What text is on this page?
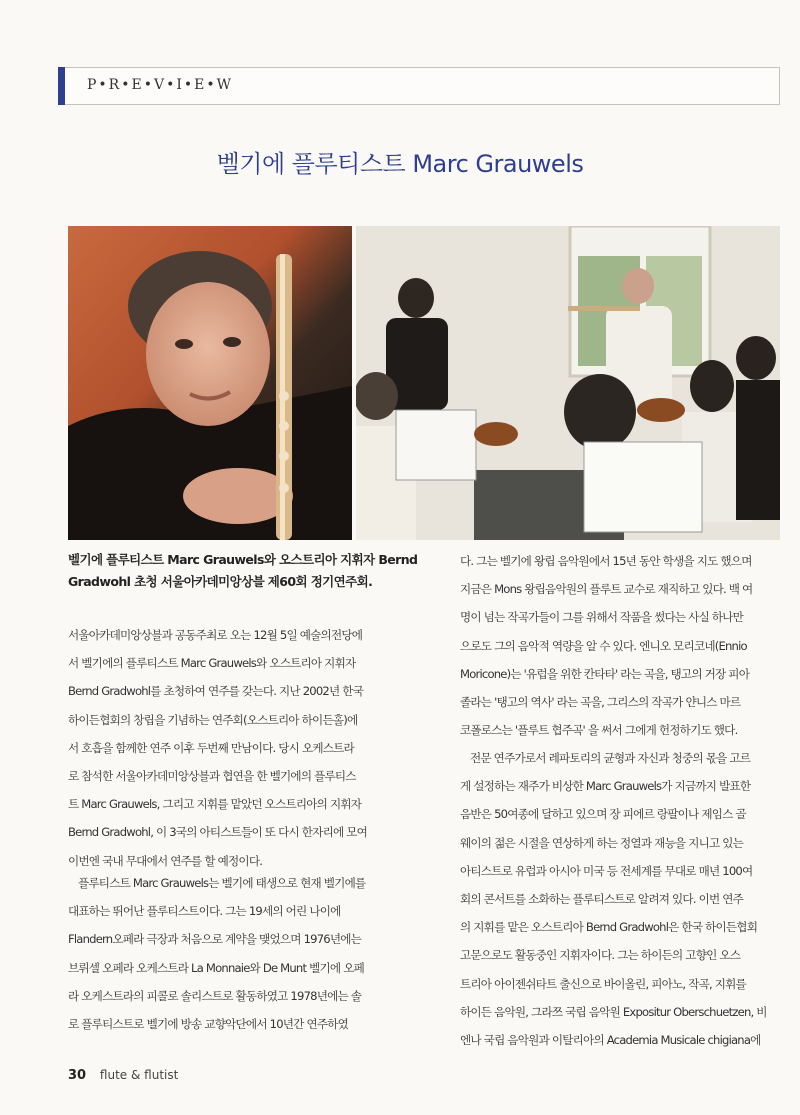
P•R•E•V•I•E•W
벨기에 플루티스트 Marc Grauwels
벨기에 플루티스트 Marc Grauwels와 오스트리아 지휘자 Bernd
Gradwohl 초청 서울아카데미앙상블 제60회 정기연주회.
서울아카데미앙상블과 공동주최로 오는 12월 5일 예술의전당에
서 벨기에의 플루티스트 Marc Grauwels와 오스트리아 지휘자
Bernd Gradwohl를 초청하여 연주를 갖는다. 지난 2002년 한국
하이든협회의 창립을 기념하는 연주회(오스트리아 하이든홀)에
서 호흡을 함께한 연주 이후 두번째 만남이다. 당시 오케스트라
로 참석한 서울아카데미앙상블과 협연을 한 벨기에의 플루티스
트 Marc Grauwels, 그리고 지휘를 맡았던 오스트리아의 지휘자
Bernd Gradwohl, 이 3국의 아티스트들이 또 다시 한자리에 모여
이번엔 국내 무대에서 연주를 할 예정이다.
플루티스트 Marc Grauwels는 벨기에 태생으로 현재 벨기에를
대표하는 뛰어난 플루티스트이다. 그는 19세의 어린 나이에
Flandern오페라 극장과 처음으로 계약을 맺었으며 1976년에는
브뤼셀 오페라 오케스트라 La Monnaie와 De Munt 벨기에 오페
라 오케스트라의 피콜로 솔리스트로 활동하였고 1978년에는 솔
로 플루티스트로 벨기에 방송 교향악단에서 10년간 연주하였
다. 그는 벨기에 왕립 음악원에서 15년 동안 학생을 지도 했으며
지금은 Mons 왕립음악원의 플루트 교수로 재직하고 있다. 백 여
명이 넘는 작곡가들이 그를 위해서 작품을 썼다는 사실 하나만
으로도 그의 음악적 역량을 알 수 있다. 엔니오 모리코네(Ennio
Moricone)는 '유럽을 위한 칸타타' 라는 곡을, 탱고의 거장 피아
졸라는 '탱고의 역사' 라는 곡을, 그리스의 작곡가 얀니스 마르
코폴로스는 '플루트 협주곡' 을 써서 그에게 헌정하기도 했다.
전문 연주가로서 레파토리의 균형과 자신과 청중의 몫을 고르
게 설정하는 재주가 비상한 Marc Grauwels가 지금까지 발표한
음반은 50여종에 달하고 있으며 장 피에르 랑팔이나 제임스 골
웨이의 젊은 시절을 연상하게 하는 정열과 재능을 지니고 있는
아티스트로 유럽과 아시아 미국 등 전세계를 무대로 매년 100여
회의 콘서트를 소화하는 플루티스트로 알려져 있다. 이번 연주
의 지휘를 맡은 오스트리아 Bernd Gradwohl은 한국 하이든협회
고문으로도 활동중인 지휘자이다. 그는 하이든의 고향인 오스
트리아 아이젠쉬타트 출신으로 바이올린, 피아노, 작곡, 지휘를
하이든 음악원, 그라쯔 국립 음악원 Expositur Oberschuetzen, 비
엔나 국립 음악원과 이탈리아의 Academia Musicale chigiana에
30 flute & flutist
